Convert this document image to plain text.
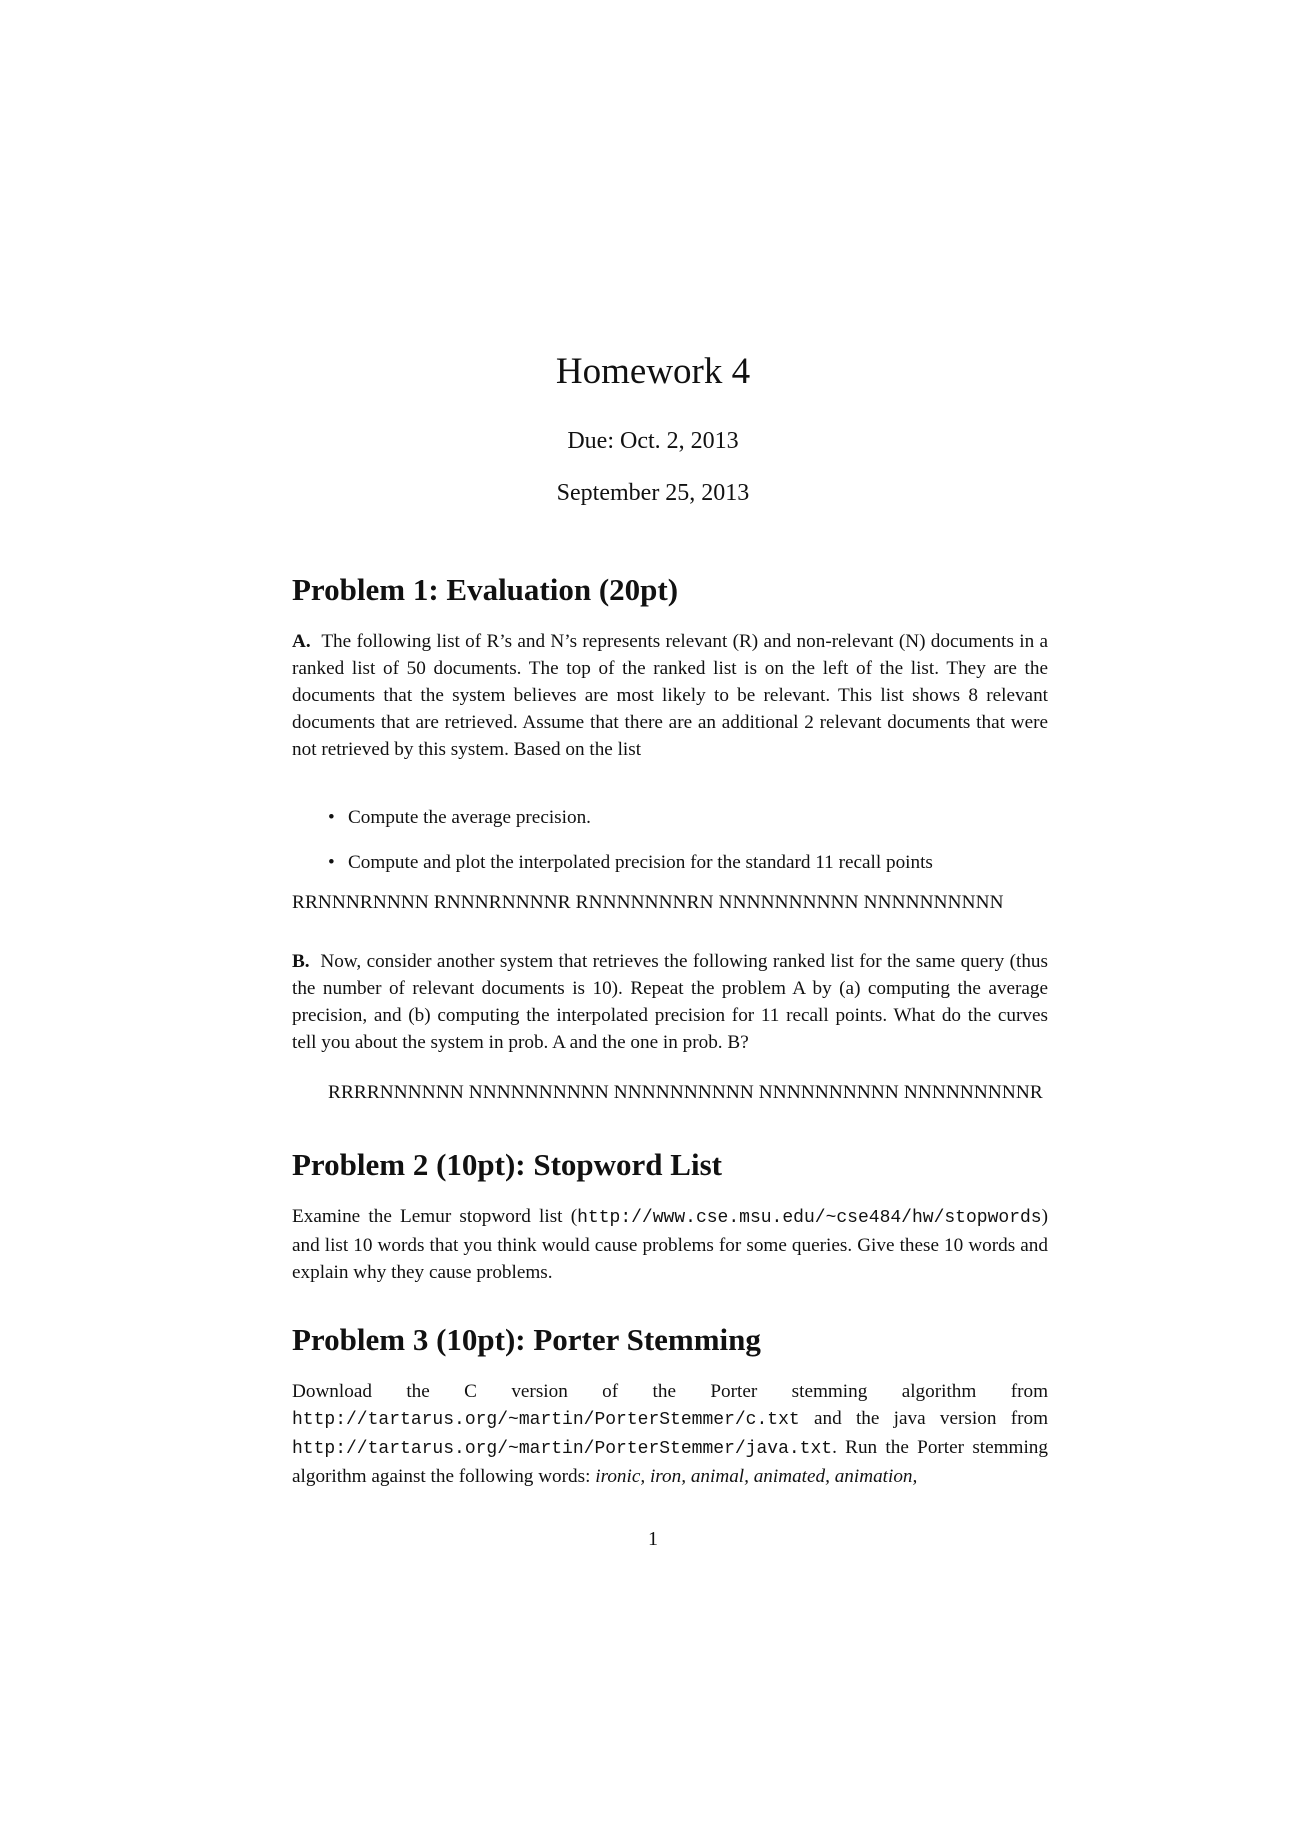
Homework 4
Due: Oct. 2, 2013
September 25, 2013
Problem 1: Evaluation (20pt)
A. The following list of R’s and N’s represents relevant (R) and non-relevant (N) documents in a ranked list of 50 documents. The top of the ranked list is on the left of the list. They are the documents that the system believes are most likely to be relevant. This list shows 8 relevant documents that are retrieved. Assume that there are an additional 2 relevant documents that were not retrieved by this system. Based on the list
• Compute the average precision.
• Compute and plot the interpolated precision for the standard 11 recall points
RRNNNRNNNN RNNNRNNNNR RNNNNNNNRN NNNNNNNNNN NNNNNNNNNN
B. Now, consider another system that retrieves the following ranked list for the same query (thus the number of relevant documents is 10). Repeat the problem A by (a) computing the average precision, and (b) computing the interpolated precision for 11 recall points. What do the curves tell you about the system in prob. A and the one in prob. B?
RRRRNNNNNN NNNNNNNNNN NNNNNNNNNN NNNNNNNNNN NNNNNNNNNR
Problem 2 (10pt): Stopword List
Examine the Lemur stopword list (http://www.cse.msu.edu/~cse484/hw/stopwords) and list 10 words that you think would cause problems for some queries. Give these 10 words and explain why they cause problems.
Problem 3 (10pt): Porter Stemming
Download the C version of the Porter stemming algorithm from http://tartarus.org/~martin/PorterStemmer/c.txt and the java version from http://tartarus.org/~martin/PorterStemmer/java.txt. Run the Porter stemming algorithm against the following words: ironic, iron, animal, animated, animation,
1
